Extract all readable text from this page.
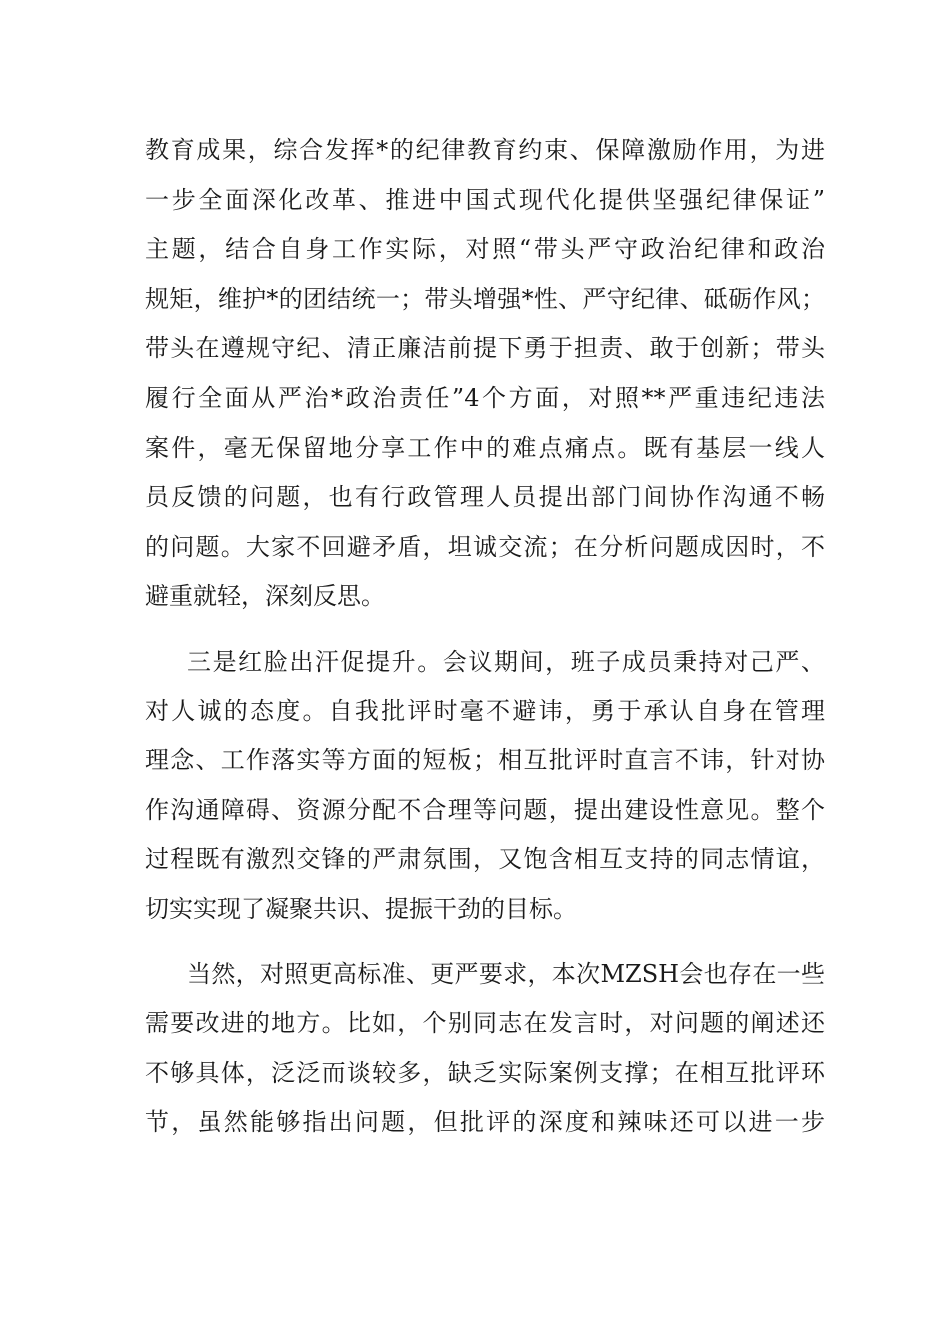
教育成果，综合发挥*的纪律教育约束、保障激励作用，为进
一步全面深化改革、推进中国式现代化提供坚强纪律保证”
主题，结合自身工作实际，对照“带头严守政治纪律和政治
规矩，维护*的团结统一；带头增强*性、严守纪律、砥砺作风；
带头在遵规守纪、清正廉洁前提下勇于担责、敢于创新；带头
履行全面从严治*政治责任”4个方面，对照**严重违纪违法
案件，毫无保留地分享工作中的难点痛点。既有基层一线人
员反馈的问题，也有行政管理人员提出部门间协作沟通不畅
的问题。大家不回避矛盾，坦诚交流；在分析问题成因时，不
避重就轻，深刻反思。
三是红脸出汗促提升。会议期间，班子成员秉持对己严、
对人诚的态度。自我批评时毫不避讳，勇于承认自身在管理
理念、工作落实等方面的短板；相互批评时直言不讳，针对协
作沟通障碍、资源分配不合理等问题，提出建设性意见。整个
过程既有激烈交锋的严肃氛围，又饱含相互支持的同志情谊，
切实实现了凝聚共识、提振干劲的目标。
当然，对照更高标准、更严要求，本次MZSH会也存在一些
需要改进的地方。比如，个别同志在发言时，对问题的阐述还
不够具体，泛泛而谈较多，缺乏实际案例支撑；在相互批评环
节，虽然能够指出问题，但批评的深度和辣味还可以进一步
